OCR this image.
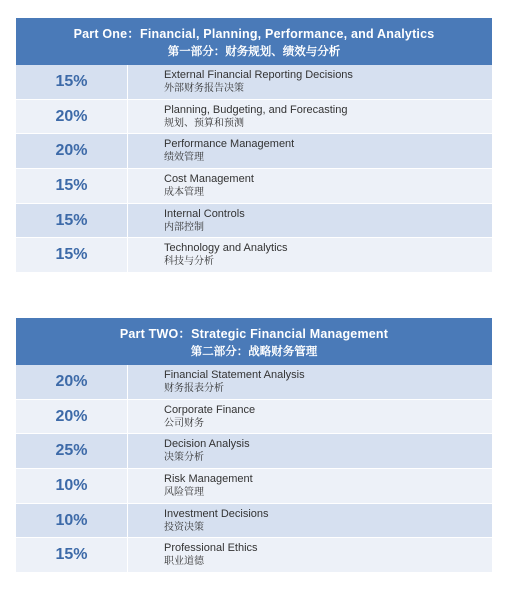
Part One：Financial, Planning, Performance, and Analytics
第一部分：财务规划、绩效与分析
15%	External Financial Reporting Decisions
外部财务报告决策
20%	Planning, Budgeting, and Forecasting
规划、预算和预测
20%	Performance Management
绩效管理
15%	Cost Management
成本管理
15%	Internal Controls
内部控制
15%	Technology and Analytics
科技与分析
Part TWO：Strategic Financial Management
第二部分：战略财务管理
20%	Financial Statement Analysis
财务报表分析
20%	Corporate Finance
公司财务
25%	Decision Analysis
决策分析
10%	Risk Management
风险管理
10%	Investment Decisions
投资决策
15%	Professional Ethics
职业道德
